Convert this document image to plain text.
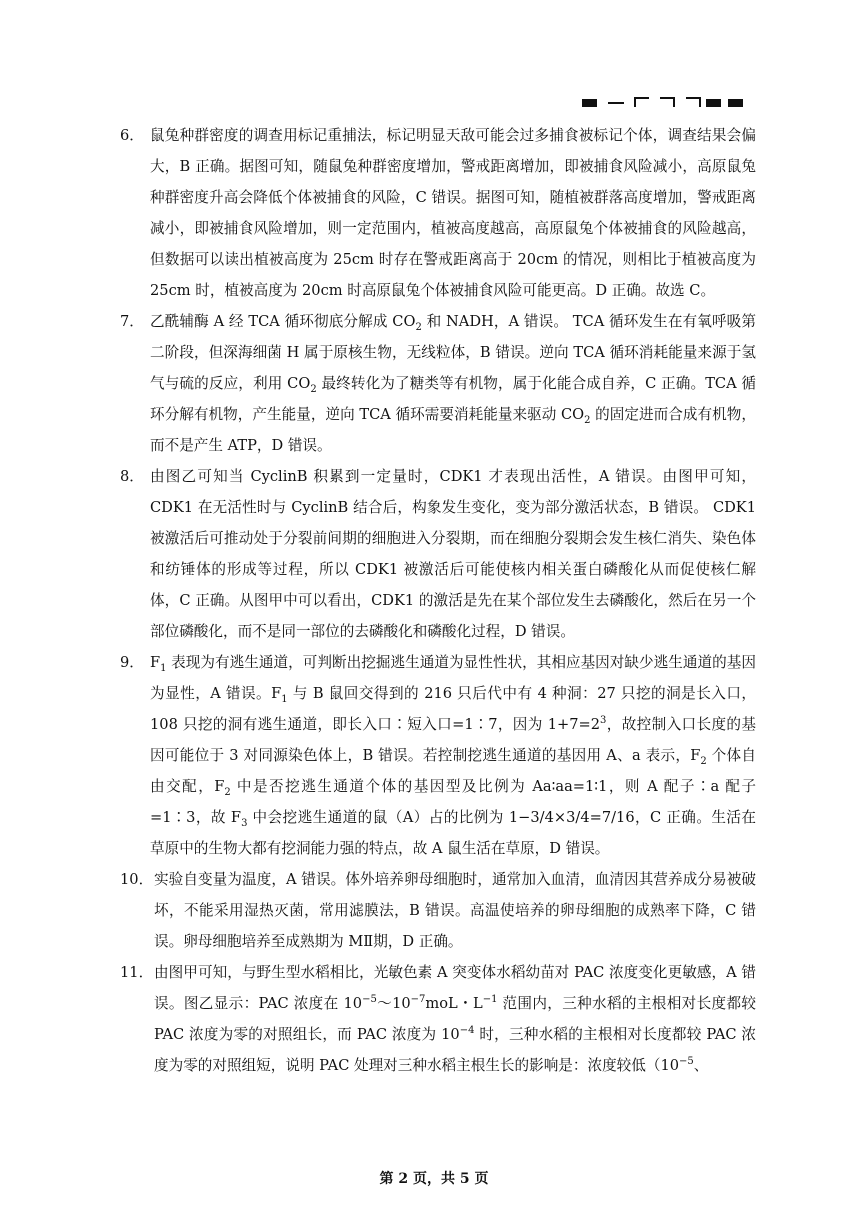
6． 鼠兔种群密度的调查用标记重捕法，标记明显天敌可能会过多捕食被标记个体，调查结果会偏大，B 正确。据图可知，随鼠兔种群密度增加，警戒距离增加，即被捕食风险减小，高原鼠兔种群密度升高会降低个体被捕食的风险，C 错误。据图可知，随植被群落高度增加，警戒距离减小，即被捕食风险增加，则一定范围内，植被高度越高，高原鼠兔个体被捕食的风险越高，但数据可以读出植被高度为 25cm 时存在警戒距离高于 20cm 的情况，则相比于植被高度为 25cm 时，植被高度为 20cm 时高原鼠兔个体被捕食风险可能更高。D 正确。故选 C。
7． 乙酰辅酶 A 经 TCA 循环彻底分解成 $CO_2$ 和 NADH，A 错误。 TCA 循环发生在有氧呼吸第二阶段，但深海细菌 H 属于原核生物，无线粒体，B 错误。逆向 TCA 循环消耗能量来源于氢气与硫的反应，利用 $CO_2$ 最终转化为了糖类等有机物，属于化能合成自养，C 正确。TCA 循环分解有机物，产生能量，逆向 TCA 循环需要消耗能量来驱动 $CO_2$ 的固定进而合成有机物，而不是产生 ATP，D 错误。
8． 由图乙可知当 CyclinB 积累到一定量时，CDK1 才表现出活性，A 错误。由图甲可知，CDK1 在无活性时与 CyclinB 结合后，构象发生变化，变为部分激活状态，B 错误。 CDK1 被激活后可推动处于分裂前间期的细胞进入分裂期，而在细胞分裂期会发生核仁消失、染色体和纺锤体的形成等过程，所以 CDK1 被激活后可能使核内相关蛋白磷酸化从而促使核仁解体，C 正确。从图甲中可以看出，CDK1 的激活是先在某个部位发生去磷酸化，然后在另一个部位磷酸化，而不是同一部位的去磷酸化和磷酸化过程，D 错误。
9． $F_1$ 表现为有逃生通道，可判断出挖掘逃生通道为显性性状，其相应基因对缺少逃生通道的基因为显性，A 错误。$F_1$ 与 B 鼠回交得到的 216 只后代中有 4 种洞：27 只挖的洞是长入口，108 只挖的洞有逃生通道，即长入口∶短入口=1∶7，因为 $1+7=2^3$，故控制入口长度的基因可能位于 3 对同源染色体上，B 错误。若控制挖逃生通道的基因用 A、a 表示，$F_2$ 个体自由交配，$F_2$ 中是否挖逃生通道个体的基因型及比例为 Aa∶aa=1∶1，则 A 配子∶a 配子=1∶3，故 $F_3$ 中会挖逃生通道的鼠（A）占的比例为 1−3/4×3/4=7/16，C 正确。生活在草原中的生物大都有挖洞能力强的特点，故 A 鼠生活在草原，D 错误。
10． 实验自变量为温度，A 错误。体外培养卵母细胞时，通常加入血清，血清因其营养成分易被破坏，不能采用湿热灭菌，常用滤膜法，B 错误。高温使培养的卵母细胞的成熟率下降，C 错误。卵母细胞培养至成熟期为 MⅡ期，D 正确。
11． 由图甲可知，与野生型水稻相比，光敏色素 A 突变体水稻幼苗对 PAC 浓度变化更敏感，A 错误。图乙显示：PAC 浓度在 $10^{-5}\sim 10^{-7}moL$・$L^{-1}$ 范围内，三种水稻的主根相对长度都较 PAC 浓度为零的对照组长，而 PAC 浓度为 $10^{-4}$ 时，三种水稻的主根相对长度都较 PAC 浓度为零的对照组短，说明 PAC 处理对三种水稻主根生长的影响是：浓度较低（$10^{-5}$、
第 2 页，共 5 页
